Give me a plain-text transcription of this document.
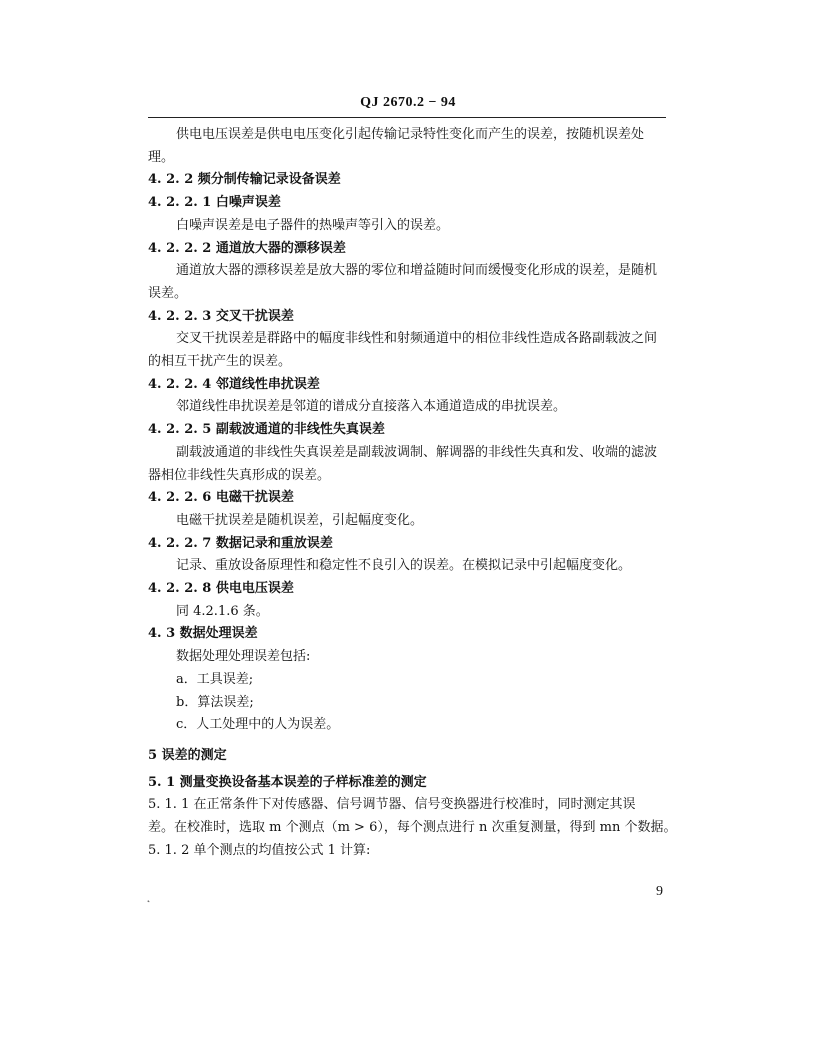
QJ 2670.2 − 94
供电电压误差是供电电压变化引起传输记录特性变化而产生的误差，按随机误差处
理。
4. 2. 2 频分制传输记录设备误差
4. 2. 2. 1 白噪声误差
白噪声误差是电子器件的热噪声等引入的误差。
4. 2. 2. 2 通道放大器的漂移误差
通道放大器的漂移误差是放大器的零位和增益随时间而缓慢变化形成的误差，是随机
误差。
4. 2. 2. 3 交叉干扰误差
交叉干扰误差是群路中的幅度非线性和射频通道中的相位非线性造成各路副载波之间
的相互干扰产生的误差。
4. 2. 2. 4 邻道线性串扰误差
邻道线性串扰误差是邻道的谱成分直接落入本通道造成的串扰误差。
4. 2. 2. 5 副载波通道的非线性失真误差
副载波通道的非线性失真误差是副载波调制、解调器的非线性失真和发、收端的滤波
器相位非线性失真形成的误差。
4. 2. 2. 6 电磁干扰误差
电磁干扰误差是随机误差，引起幅度变化。
4. 2. 2. 7 数据记录和重放误差
记录、重放设备原理性和稳定性不良引入的误差。在模拟记录中引起幅度变化。
4. 2. 2. 8 供电电压误差
同 4.2.1.6 条。
4. 3 数据处理误差
数据处理处理误差包括:
a．工具误差;
b．算法误差;
c．人工处理中的人为误差。
5 误差的测定
5. 1 测量变换设备基本误差的子样标准差的测定
5. 1. 1 在正常条件下对传感器、信号调节器、信号变换器进行校准时，同时测定其误
差。在校准时，选取 m 个测点（m > 6），每个测点进行 n 次重复测量，得到 mn 个数据。
5. 1. 2 单个测点的均值按公式 1 计算:
˛	9
